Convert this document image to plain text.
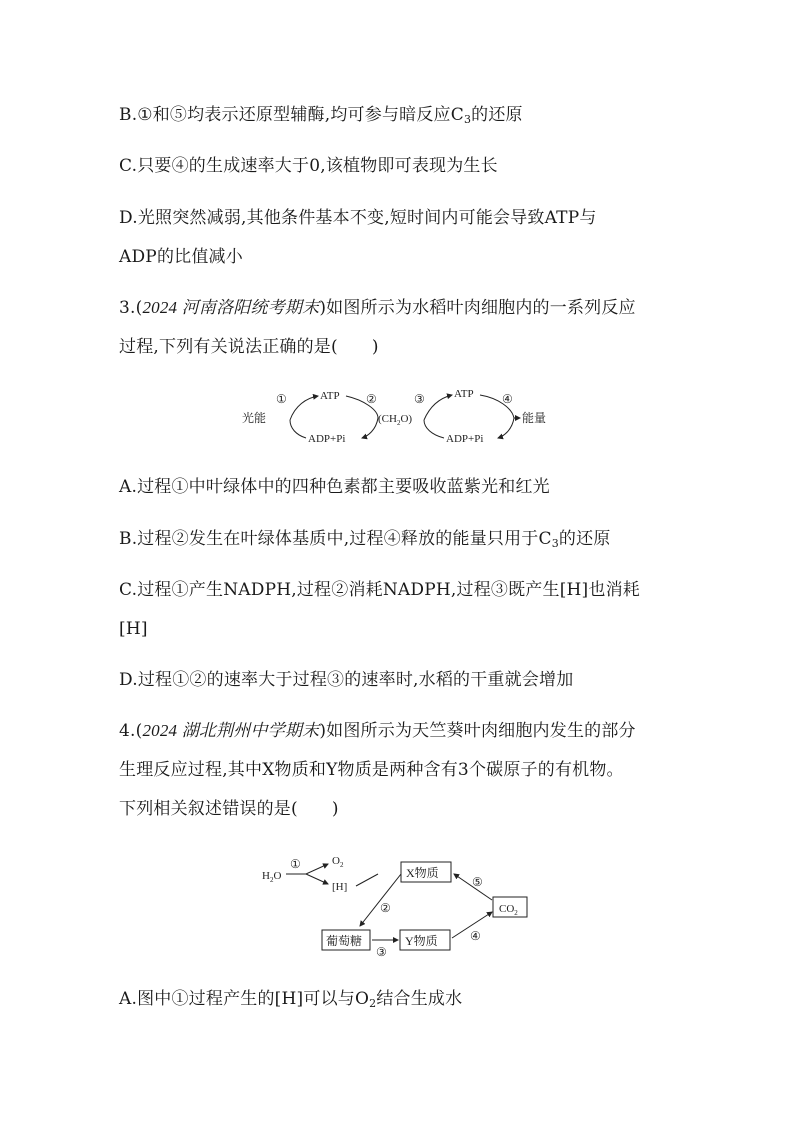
B.①和⑤均表示还原型辅酶,均可参与暗反应$C_3$的还原
C.只要④的生成速率大于0,该植物即可表现为生长
D.光照突然减弱,其他条件基本不变,短时间内可能会导致ATP与
ADP的比值减小
3.(2024 河南洛阳统考期末)如图所示为水稻叶肉细胞内的一系列反应
过程,下列有关说法正确的是( )
光能
①	ATP ②
ADP+Pi
$(CH_2O)$
③	ATP ④
ADP+Pi
能量
A.过程①中叶绿体中的四种色素都主要吸收蓝紫光和红光
B.过程②发生在叶绿体基质中,过程④释放的能量只用于$C_3$的还原
C.过程①产生NADPH,过程②消耗NADPH,过程③既产生[H]也消耗
[H]
D.过程①②的速率大于过程③的速率时,水稻的干重就会增加
4.(2024 湖北荆州中学期末)如图所示为天竺葵叶肉细胞内发生的部分
生理反应过程,其中X物质和Y物质是两种含有3个碳原子的有机物。
下列相关叙述错误的是( )
$H_2O$
①	$O_2$
[H]
X物质
⑤
$CO_2$
②
葡萄糖
③
Y物质	④
A.图中①过程产生的[H]可以与$O_2$结合生成水
